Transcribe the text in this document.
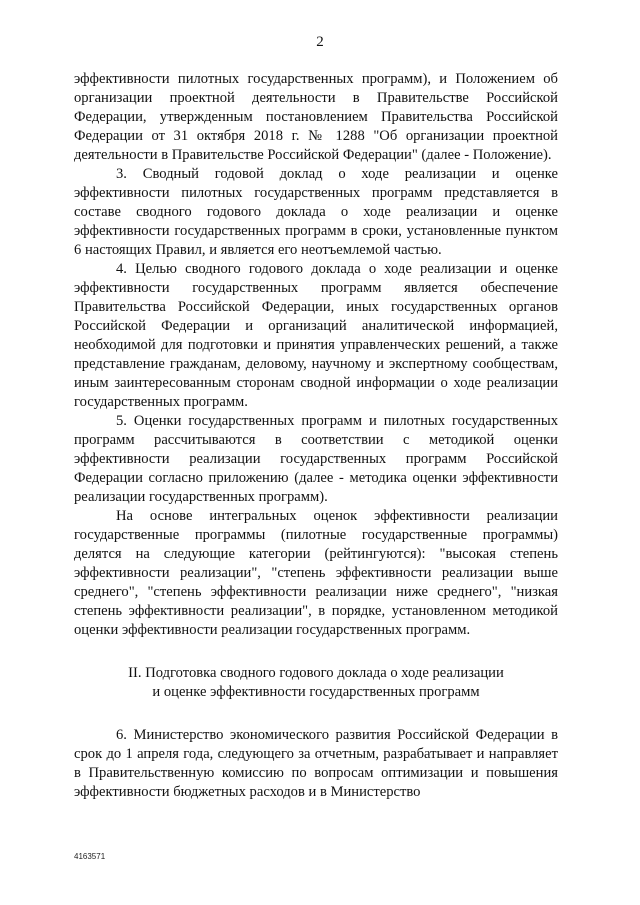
2

эффективности пилотных государственных программ), и Положением об организации проектной деятельности в Правительстве Российской Федерации, утвержденным постановлением Правительства Российской Федерации от 31 октября 2018 г. № 1288 "Об организации проектной деятельности в Правительстве Российской Федерации" (далее - Положение).

3. Сводный годовой доклад о ходе реализации и оценке эффективности пилотных государственных программ представляется в составе сводного годового доклада о ходе реализации и оценке эффективности государственных программ в сроки, установленные пунктом 6 настоящих Правил, и является его неотъемлемой частью.

4. Целью сводного годового доклада о ходе реализации и оценке эффективности государственных программ является обеспечение Правительства Российской Федерации, иных государственных органов Российской Федерации и организаций аналитической информацией, необходимой для подготовки и принятия управленческих решений, а также представление гражданам, деловому, научному и экспертному сообществам, иным заинтересованным сторонам сводной информации о ходе реализации государственных программ.

5. Оценки государственных программ и пилотных государственных программ рассчитываются в соответствии с методикой оценки эффективности реализации государственных программ Российской Федерации согласно приложению (далее - методика оценки эффективности реализации государственных программ).

На основе интегральных оценок эффективности реализации государственные программы (пилотные государственные программы) делятся на следующие категории (рейтингуются): "высокая степень эффективности реализации", "степень эффективности реализации выше среднего", "степень эффективности реализации ниже среднего", "низкая степень эффективности реализации", в порядке, установленном методикой оценки эффективности реализации государственных программ.

II. Подготовка сводного годового доклада о ходе реализации
и оценке эффективности государственных программ

6. Министерство экономического развития Российской Федерации в срок до 1 апреля года, следующего за отчетным, разрабатывает и направляет в Правительственную комиссию по вопросам оптимизации и повышения эффективности бюджетных расходов и в Министерство

4163571
